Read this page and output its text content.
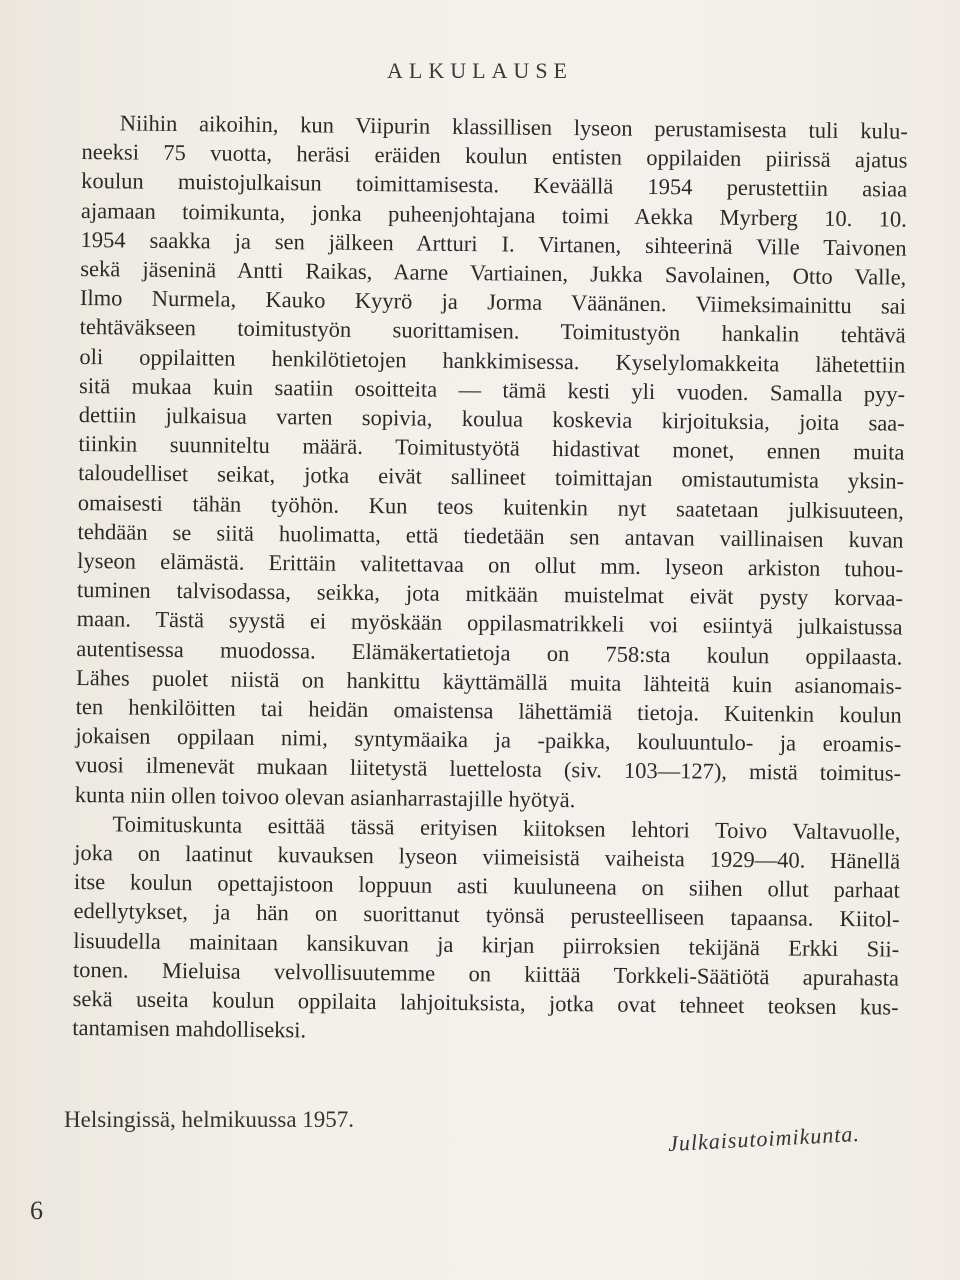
ALKULAUSE
Niihin aikoihin, kun Viipurin klassillisen lyseon perustamisesta tuli kulu-
neeksi 75 vuotta, heräsi eräiden koulun entisten oppilaiden piirissä ajatus
koulun muistojulkaisun toimittamisesta. Keväällä 1954 perustettiin asiaa
ajamaan toimikunta, jonka puheenjohtajana toimi Aekka Myrberg 10. 10.
1954 saakka ja sen jälkeen Artturi I. Virtanen, sihteerinä Ville Taivonen
sekä jäseninä Antti Raikas, Aarne Vartiainen, Jukka Savolainen, Otto Valle,
Ilmo Nurmela, Kauko Kyyrö ja Jorma Väänänen. Viimeksimainittu sai
tehtäväkseen toimitustyön suorittamisen. Toimitustyön hankalin tehtävä
oli oppilaitten henkilötietojen hankkimisessa. Kyselylomakkeita lähetettiin
sitä mukaa kuin saatiin osoitteita — tämä kesti yli vuoden. Samalla pyy-
dettiin julkaisua varten sopivia, koulua koskevia kirjoituksia, joita saa-
tiinkin suunniteltu määrä. Toimitustyötä hidastivat monet, ennen muita
taloudelliset seikat, jotka eivät sallineet toimittajan omistautumista yksin-
omaisesti tähän työhön. Kun teos kuitenkin nyt saatetaan julkisuuteen,
tehdään se siitä huolimatta, että tiedetään sen antavan vaillinaisen kuvan
lyseon elämästä. Erittäin valitettavaa on ollut mm. lyseon arkiston tuhou-
tuminen talvisodassa, seikka, jota mitkään muistelmat eivät pysty korvaa-
maan. Tästä syystä ei myöskään oppilasmatrikkeli voi esiintyä julkaistussa
autentisessa muodossa. Elämäkertatietoja on 758:sta koulun oppilaasta.
Lähes puolet niistä on hankittu käyttämällä muita lähteitä kuin asianomais-
ten henkilöitten tai heidän omaistensa lähettämiä tietoja. Kuitenkin koulun
jokaisen oppilaan nimi, syntymäaika ja -paikka, kouluuntulo- ja eroamis-
vuosi ilmenevät mukaan liitetystä luettelosta (siv. 103—127), mistä toimitus-
kunta niin ollen toivoo olevan asianharrastajille hyötyä.
Toimituskunta esittää tässä erityisen kiitoksen lehtori Toivo Valtavuolle,
joka on laatinut kuvauksen lyseon viimeisistä vaiheista 1929—40. Hänellä
itse koulun opettajistoon loppuun asti kuuluneena on siihen ollut parhaat
edellytykset, ja hän on suorittanut työnsä perusteelliseen tapaansa. Kiitol-
lisuudella mainitaan kansikuvan ja kirjan piirroksien tekijänä Erkki Sii-
tonen. Mieluisa velvollisuutemme on kiittää Torkkeli-Säätiötä apurahasta
sekä useita koulun oppilaita lahjoituksista, jotka ovat tehneet teoksen kus-
tantamisen mahdolliseksi.
Helsingissä, helmikuussa 1957.
Julkaisutoimikunta.
6
